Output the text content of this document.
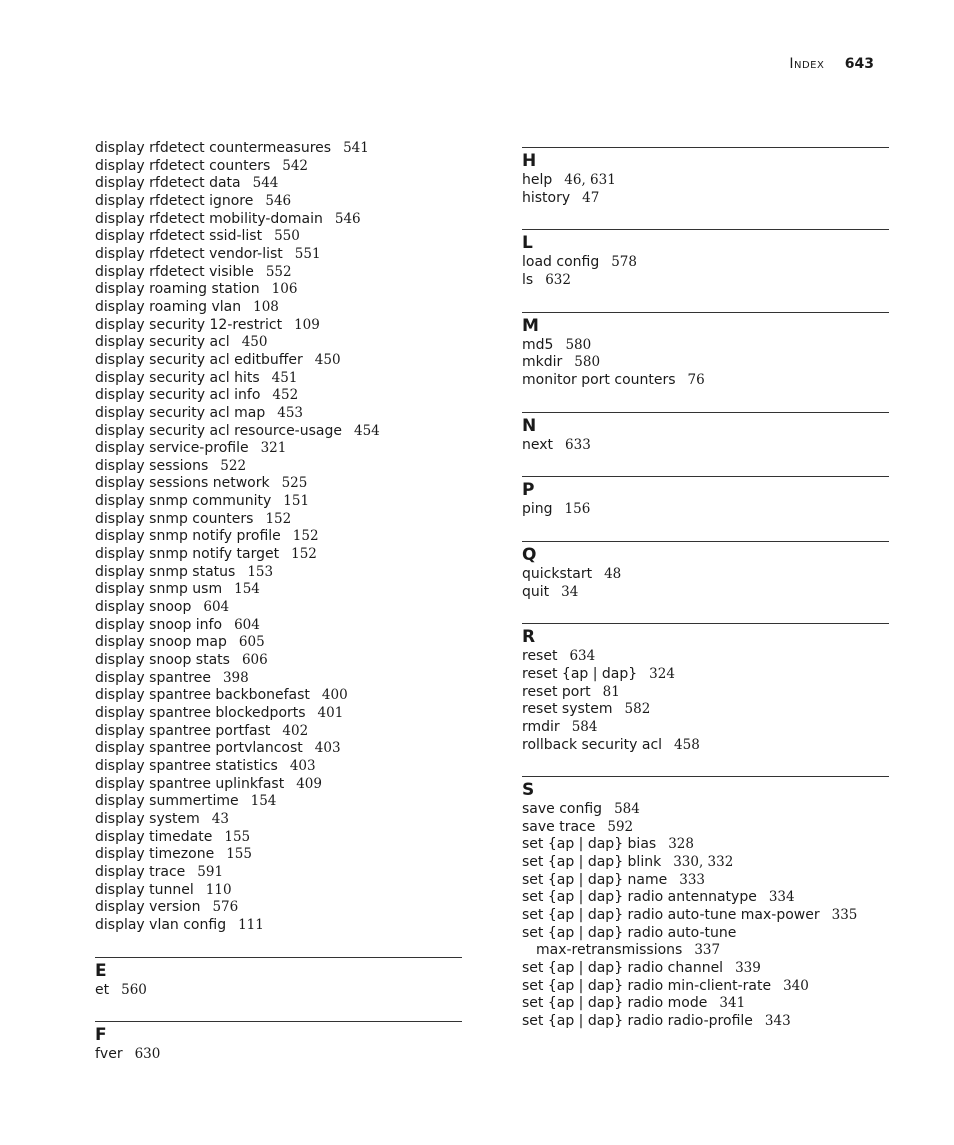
Index 643
display rfdetect countermeasures 541
display rfdetect counters 542
display rfdetect data 544
display rfdetect ignore 546
display rfdetect mobility-domain 546
display rfdetect ssid-list 550
display rfdetect vendor-list 551
display rfdetect visible 552
display roaming station 106
display roaming vlan 108
display security 12-restrict 109
display security acl 450
display security acl editbuffer 450
display security acl hits 451
display security acl info 452
display security acl map 453
display security acl resource-usage 454
display service-profile 321
display sessions 522
display sessions network 525
display snmp community 151
display snmp counters 152
display snmp notify profile 152
display snmp notify target 152
display snmp status 153
display snmp usm 154
display snoop 604
display snoop info 604
display snoop map 605
display snoop stats 606
display spantree 398
display spantree backbonefast 400
display spantree blockedports 401
display spantree portfast 402
display spantree portvlancost 403
display spantree statistics 403
display spantree uplinkfast 409
display summertime 154
display system 43
display timedate 155
display timezone 155
display trace 591
display tunnel 110
display version 576
display vlan config 111
E
et 560
F
fver 630
H
help 46, 631
history 47
L
load config 578
ls 632
M
md5 580
mkdir 580
monitor port counters 76
N
next 633
P
ping 156
Q
quickstart 48
quit 34
R
reset 634
reset {ap | dap} 324
reset port 81
reset system 582
rmdir 584
rollback security acl 458
S
save config 584
save trace 592
set {ap | dap} bias 328
set {ap | dap} blink 330, 332
set {ap | dap} name 333
set {ap | dap} radio antennatype 334
set {ap | dap} radio auto-tune max-power 335
set {ap | dap} radio auto-tune
max-retransmissions 337
set {ap | dap} radio channel 339
set {ap | dap} radio min-client-rate 340
set {ap | dap} radio mode 341
set {ap | dap} radio radio-profile 343
